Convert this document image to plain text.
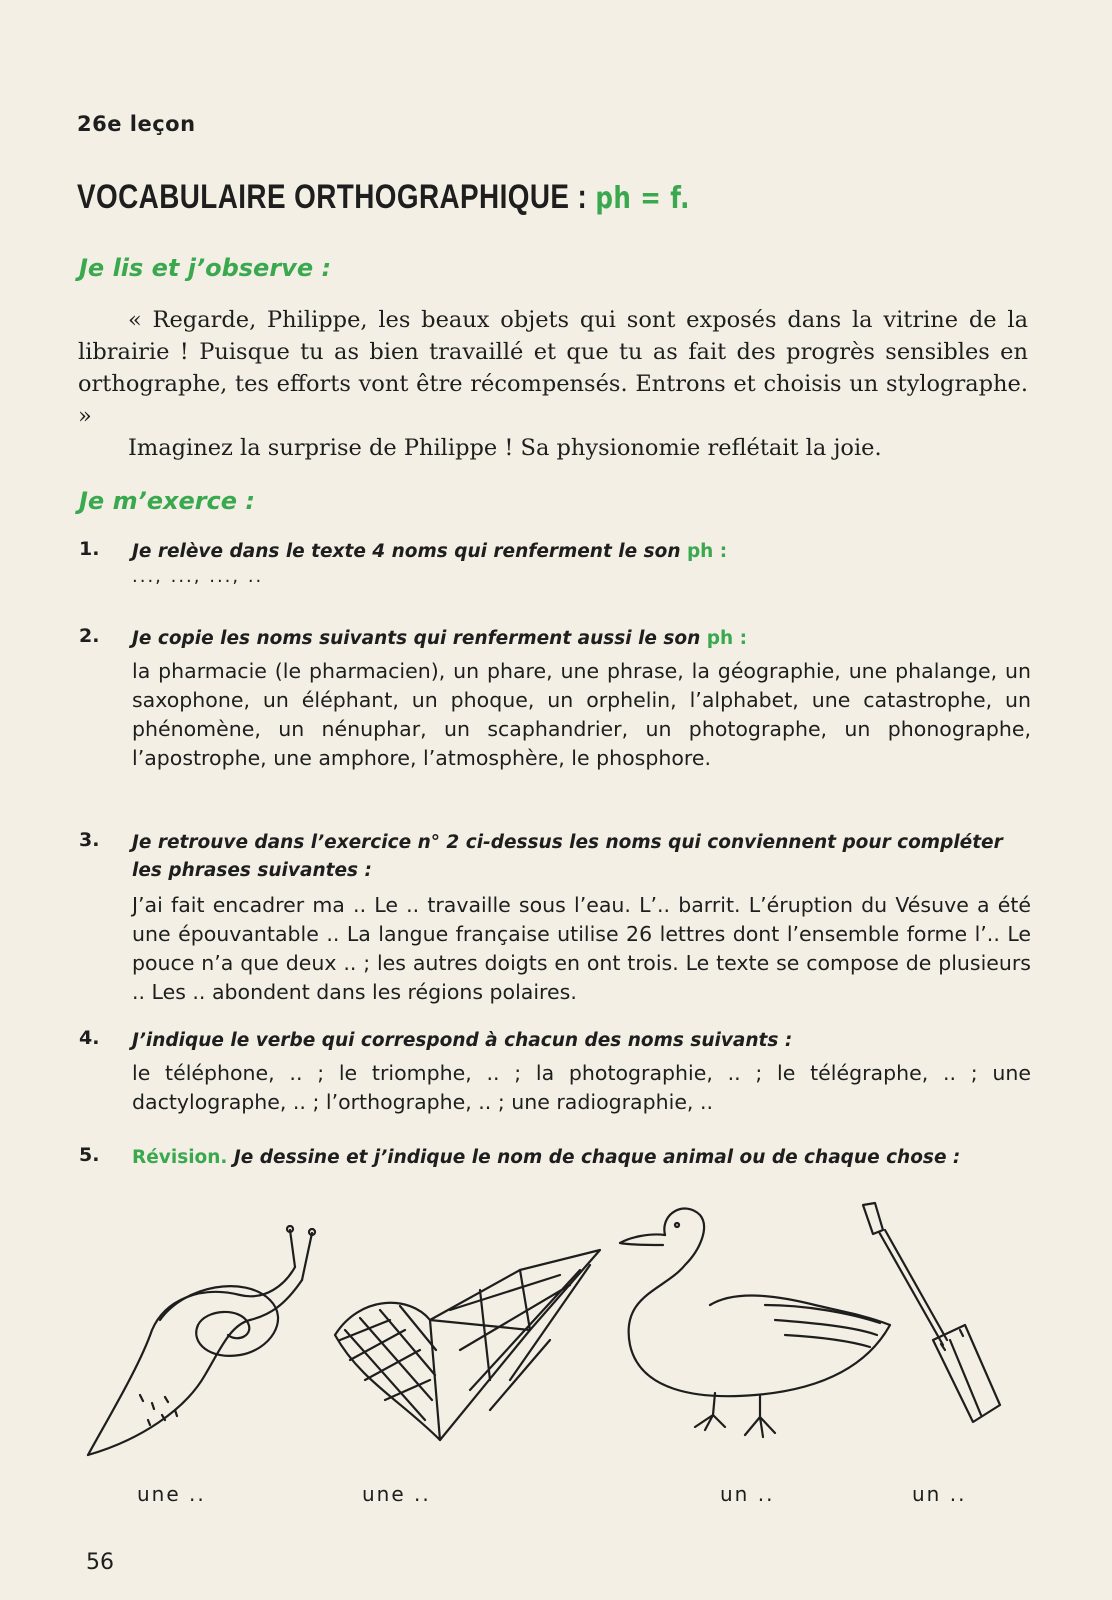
26e leçon
VOCABULAIRE ORTHOGRAPHIQUE : ph = f.
Je lis et j’observe :

« Regarde, Philippe, les beaux objets qui sont exposés dans la vitrine de la librairie ! Puisque tu as bien travaillé et que tu as fait des progrès sensibles en orthographe, tes efforts vont être récompensés. Entrons et choisis un stylographe. »

Imaginez la surprise de Philippe ! Sa physionomie reflétait la joie.

Je m’exerce :
1. Je relève dans le texte 4 noms qui renferment le son ph :
..., ..., ..., ..
2. Je copie les noms suivants qui renferment aussi le son ph :
la pharmacie (le pharmacien), un phare, une phrase, la géographie, une phalange, un saxophone, un éléphant, un phoque, un orphelin, l’alphabet, une catastrophe, un phénomène, un nénuphar, un scaphandrier, un photographe, un phonographe, l’apostrophe, une amphore, l’atmosphère, le phosphore.
3. Je retrouve dans l’exercice n° 2 ci-dessus les noms qui conviennent pour compléter les phrases suivantes :
J’ai fait encadrer ma .. Le .. travaille sous l’eau. L’.. barrit. L’éruption du Vésuve a été une épouvantable .. La langue française utilise 26 lettres dont l’ensemble forme l’.. Le pouce n’a que deux .. ; les autres doigts en ont trois. Le texte se compose de plusieurs .. Les .. abondent dans les régions polaires.
4. J’indique le verbe qui correspond à chacun des noms suivants :
le téléphone, .. ; le triomphe, .. ; la photographie, .. ; le télégraphe, .. ; une dactylographe, .. ; l’orthographe, .. ; une radiographie, ..
5. Révision. Je dessine et j’indique le nom de chaque animal ou de chaque chose :
une ..	une ..	un ..	un ..
56
